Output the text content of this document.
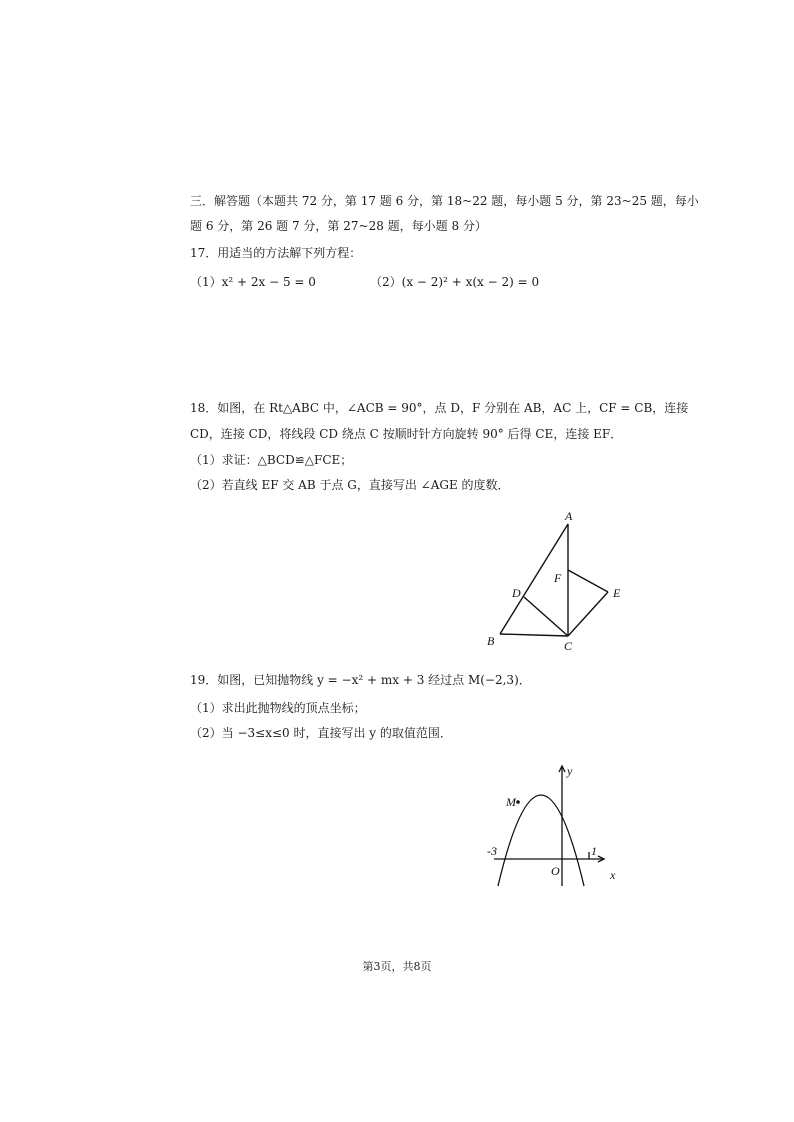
三．解答题（本题共 72 分，第 17 题 6 分，第 18~22 题，每小题 5 分，第 23~25 题，每小
题 6 分，第 26 题 7 分，第 27~28 题，每小题 8 分）
17．用适当的方法解下列方程：
（1）x² + 2x − 5 = 0	（2）(x − 2)² + x(x − 2) = 0
18．如图，在 Rt△ABC 中，∠ACB = 90°，点 D，F 分别在 AB，AC 上，CF = CB，连接
CD，连接 CD，将线段 CD 绕点 C 按顺时针方向旋转 90° 后得 CE，连接 EF．
（1）求证：△BCD≌△FCE；
（2）若直线 EF 交 AB 于点 G，直接写出 ∠AGE 的度数．
A
B	C
D	E
F
19．如图，已知抛物线 y = −x² + mx + 3 经过点 M(−2,3)．
（1）求出此抛物线的顶点坐标；
（2）当 −3≤x≤0 时，直接写出 y 的取值范围．
M
y
x
O
-3	1
第3页，共8页
